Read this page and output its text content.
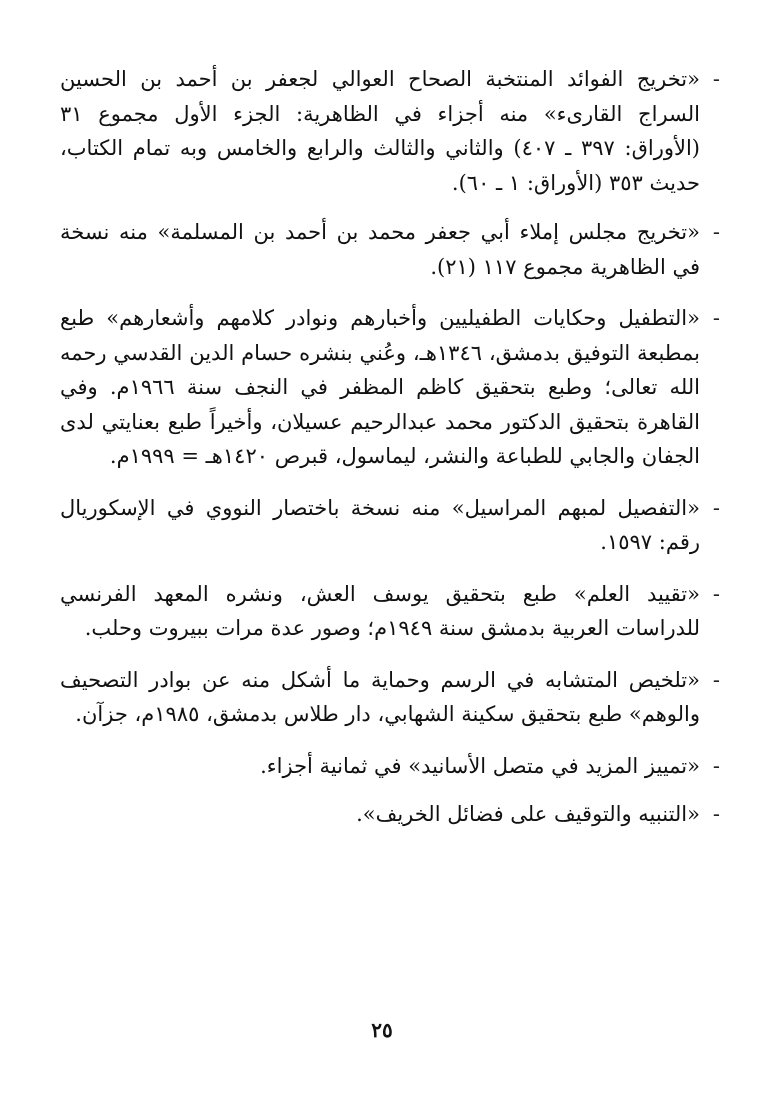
-
«تخريج الفوائد المنتخبة الصحاح العوالي لجعفر بن أحمد بن الحسين السراج القارىء» منه أجزاء في الظاهرية: الجزء الأول مجموع ٣١ (الأوراق: ٣٩٧ ـ ٤٠٧) والثاني والثالث والرابع والخامس وبه تمام الكتاب، حديث ٣٥٣ (الأوراق: ١ ـ ٦٠).
-
«تخريج مجلس إملاء أبي جعفر محمد بن أحمد بن المسلمة» منه نسخة في الظاهرية مجموع ١١٧ (٢١).
-
«التطفيل وحكايات الطفيليين وأخبارهم ونوادر كلامهم وأشعارهم» طبع بمطبعة التوفيق بدمشق، ١٣٤٦هـ، وعُني بنشره حسام الدين القدسي رحمه الله تعالى؛ وطبع بتحقيق كاظم المظفر في النجف سنة ١٩٦٦م. وفي القاهرة بتحقيق الدكتور محمد عبدالرحيم عسيلان، وأخيراً طبع بعنايتي لدى الجفان والجابي للطباعة والنشر، ليماسول، قبرص ١٤٢٠هـ = ١٩٩٩م.
-
«التفصيل لمبهم المراسيل» منه نسخة باختصار النووي في الإسكوريال رقم: ١٥٩٧.
-
«تقييد العلم» طبع بتحقيق يوسف العش، ونشره المعهد الفرنسي للدراسات العربية بدمشق سنة ١٩٤٩م؛ وصور عدة مرات ببيروت وحلب.
-
«تلخيص المتشابه في الرسم وحماية ما أشكل منه عن بوادر التصحيف والوهم» طبع بتحقيق سكينة الشهابي، دار طلاس بدمشق، ١٩٨٥م، جزآن.
-
«تمييز المزيد في متصل الأسانيد» في ثمانية أجزاء.
-
«التنبيه والتوقيف على فضائل الخريف».
٢٥
